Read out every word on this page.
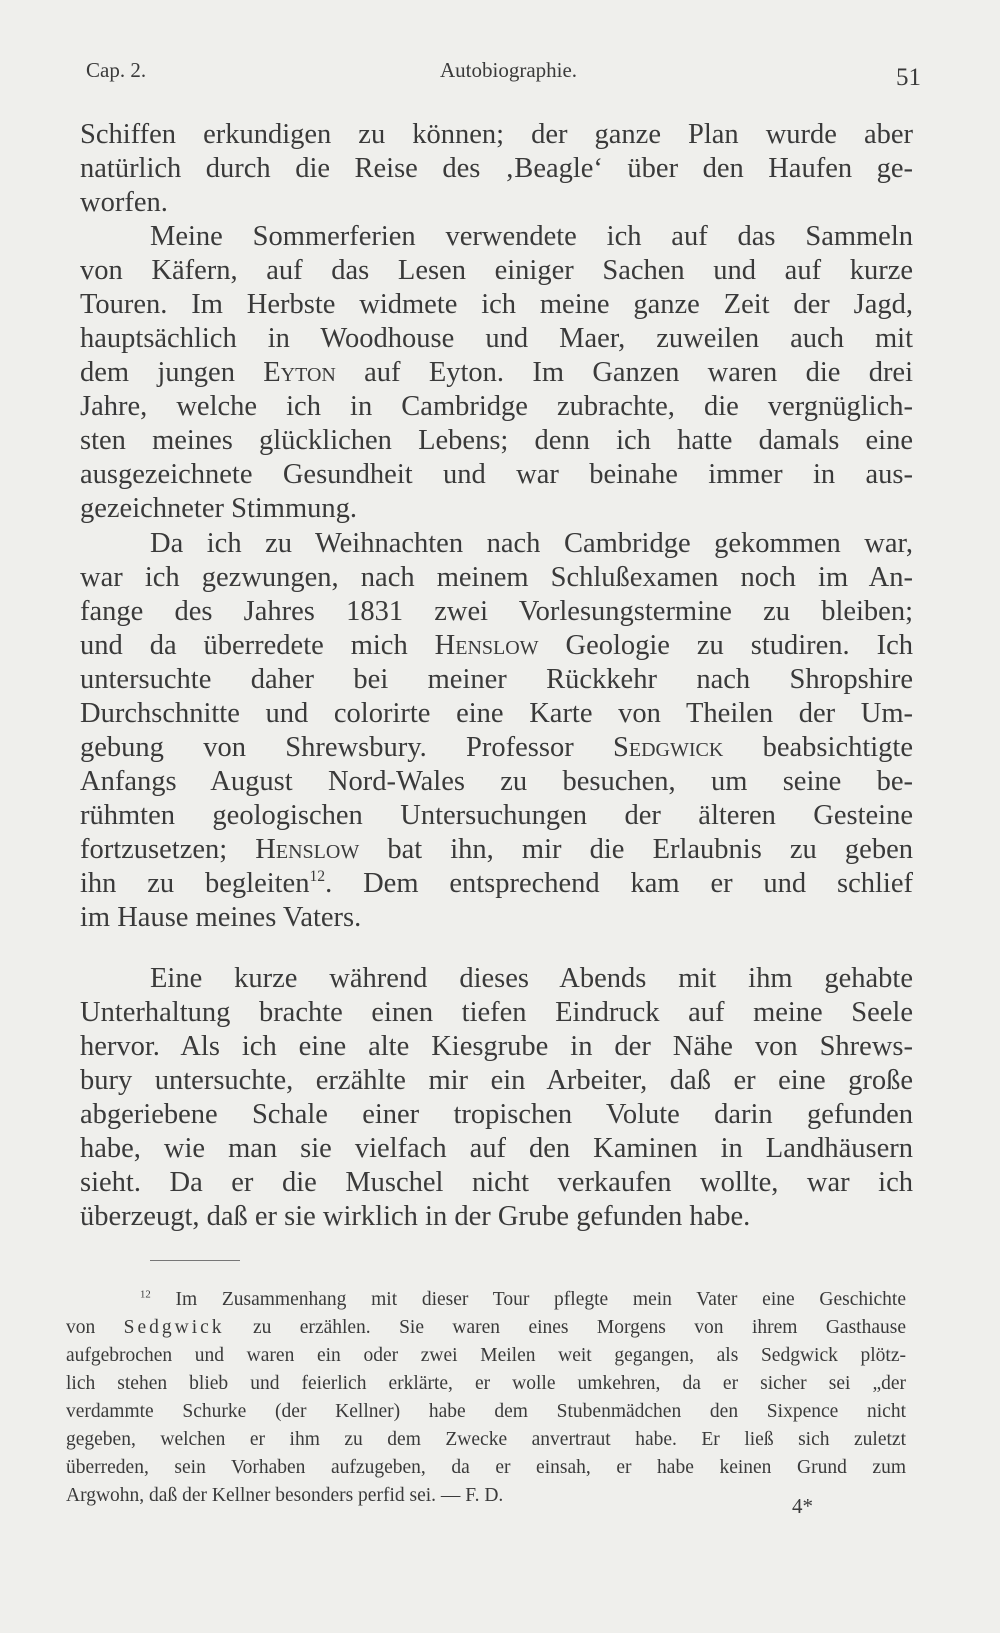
Cap. 2.	Autobiographie.	51
Schiffen erkundigen zu können; der ganze Plan wurde aber
natürlich durch die Reise des ‚Beagle‘ über den Haufen ge-
worfen.
Meine Sommerferien verwendete ich auf das Sammeln
von Käfern, auf das Lesen einiger Sachen und auf kurze
Touren. Im Herbste widmete ich meine ganze Zeit der Jagd,
hauptsächlich in Woodhouse und Maer, zuweilen auch mit
dem jungen Eyton auf Eyton. Im Ganzen waren die drei
Jahre, welche ich in Cambridge zubrachte, die vergnüglich-
sten meines glücklichen Lebens; denn ich hatte damals eine
ausgezeichnete Gesundheit und war beinahe immer in aus-
gezeichneter Stimmung.
Da ich zu Weihnachten nach Cambridge gekommen war,
war ich gezwungen, nach meinem Schlußexamen noch im An-
fange des Jahres 1831 zwei Vorlesungstermine zu bleiben;
und da überredete mich Henslow Geologie zu studiren. Ich
untersuchte daher bei meiner Rückkehr nach Shropshire
Durchschnitte und colorirte eine Karte von Theilen der Um-
gebung von Shrewsbury. Professor Sedgwick beabsichtigte
Anfangs August Nord-Wales zu besuchen, um seine be-
rühmten geologischen Untersuchungen der älteren Gesteine
fortzusetzen; Henslow bat ihn, mir die Erlaubnis zu geben
ihn zu begleiten$^{12}$. Dem entsprechend kam er und schlief
im Hause meines Vaters.
Eine kurze während dieses Abends mit ihm gehabte
Unterhaltung brachte einen tiefen Eindruck auf meine Seele
hervor. Als ich eine alte Kiesgrube in der Nähe von Shrews-
bury untersuchte, erzählte mir ein Arbeiter, daß er eine große
abgeriebene Schale einer tropischen Volute darin gefunden
habe, wie man sie vielfach auf den Kaminen in Landhäusern
sieht. Da er die Muschel nicht verkaufen wollte, war ich
überzeugt, daß er sie wirklich in der Grube gefunden habe.
$^{12}$ Im Zusammenhang mit dieser Tour pflegte mein Vater eine Geschichte
von Sedgwick zu erzählen. Sie waren eines Morgens von ihrem Gasthause
aufgebrochen und waren ein oder zwei Meilen weit gegangen, als Sedgwick plötz-
lich stehen blieb und feierlich erklärte, er wolle umkehren, da er sicher sei „der
verdammte Schurke (der Kellner) habe dem Stubenmädchen den Sixpence nicht
gegeben, welchen er ihm zu dem Zwecke anvertraut habe. Er ließ sich zuletzt
überreden, sein Vorhaben aufzugeben, da er einsah, er habe keinen Grund zum
Argwohn, daß der Kellner besonders perfid sei. — F. D.	4*
